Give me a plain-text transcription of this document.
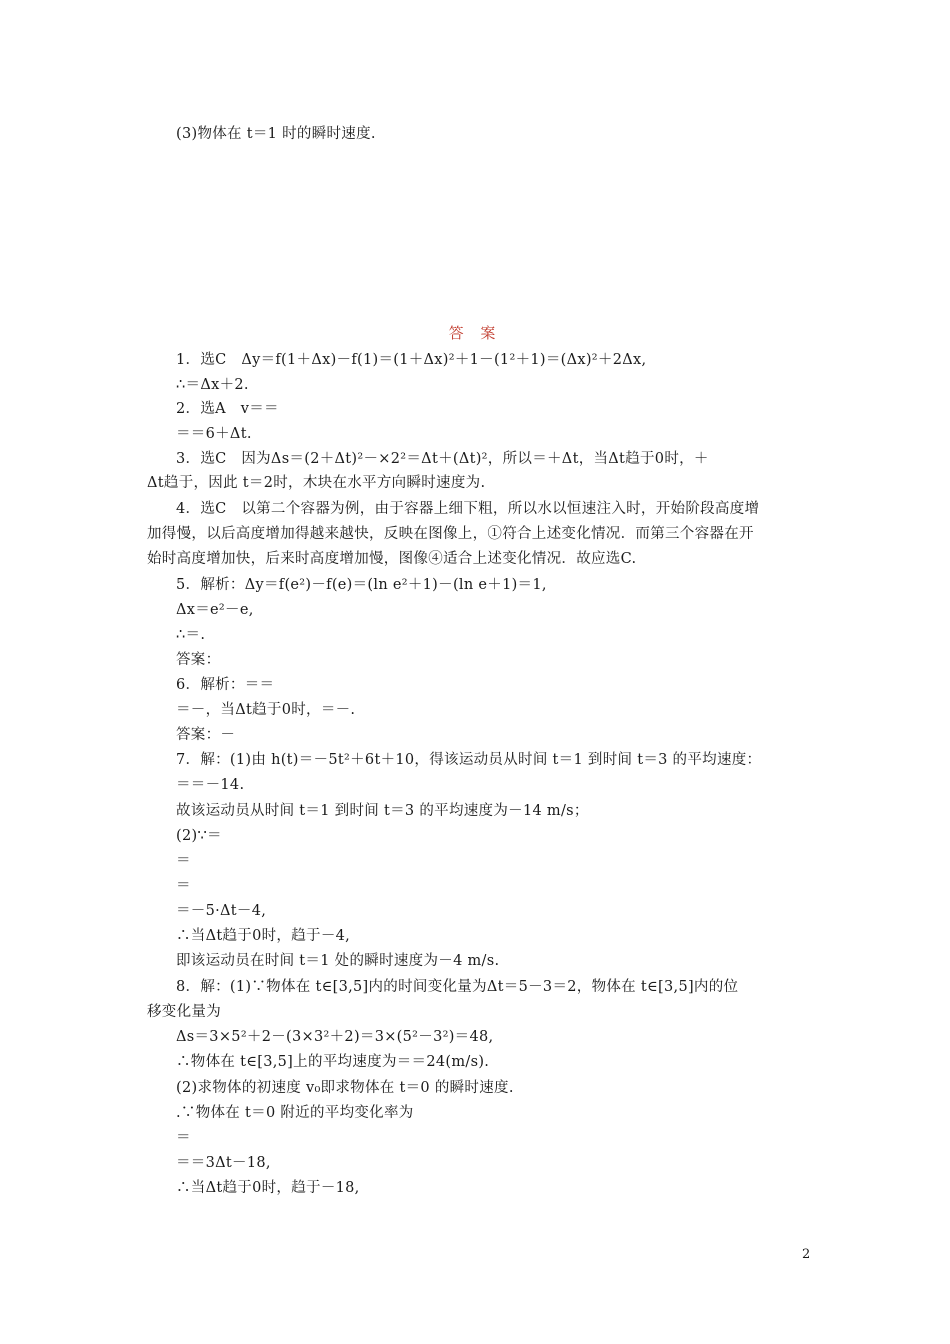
(3)物体在 t＝1 时的瞬时速度.
答 案
1．选C　Δy＝f(1＋Δx)－f(1)＝(1＋Δx)²＋1－(1²＋1)＝(Δx)²＋2Δx,
∴＝Δx＋2.
2．选A　v＝＝
＝＝6＋Δt.
3．选C　因为Δs＝(2＋Δt)²－×2²＝Δt＋(Δt)²，所以＝＋Δt，当Δt趋于0时，＋
Δt趋于，因此 t＝2时，木块在水平方向瞬时速度为.
4．选C　以第二个容器为例，由于容器上细下粗，所以水以恒速注入时，开始阶段高度增
加得慢，以后高度增加得越来越快，反映在图像上，①符合上述变化情况．而第三个容器在开
始时高度增加快，后来时高度增加慢，图像④适合上述变化情况．故应选C.
5．解析：Δy＝f(e²)－f(e)＝(ln e²＋1)－(ln e＋1)＝1,
Δx＝e²－e,
∴＝.
答案：
6．解析：＝＝
＝－，当Δt趋于0时，＝－.
答案：－
7．解：(1)由 h(t)＝－5t²＋6t＋10，得该运动员从时间 t＝1 到时间 t＝3 的平均速度：
＝＝－14.
故该运动员从时间 t＝1 到时间 t＝3 的平均速度为－14 m/s；
(2)∵＝
＝
＝
＝－5·Δt－4,
∴当Δt趋于0时，趋于－4,
即该运动员在时间 t＝1 处的瞬时速度为－4 m/s.
8．解：(1)∵物体在 t∈[3,5]内的时间变化量为Δt＝5－3＝2，物体在 t∈[3,5]内的位
移变化量为
Δs＝3×5²＋2－(3×3²＋2)＝3×(5²－3²)＝48,
∴物体在 t∈[3,5]上的平均速度为＝＝24(m/s).
(2)求物体的初速度 v₀即求物体在 t＝0 的瞬时速度.
.∵物体在 t＝0 附近的平均变化率为
＝
＝＝3Δt－18,
∴当Δt趋于0时，趋于－18,
2
